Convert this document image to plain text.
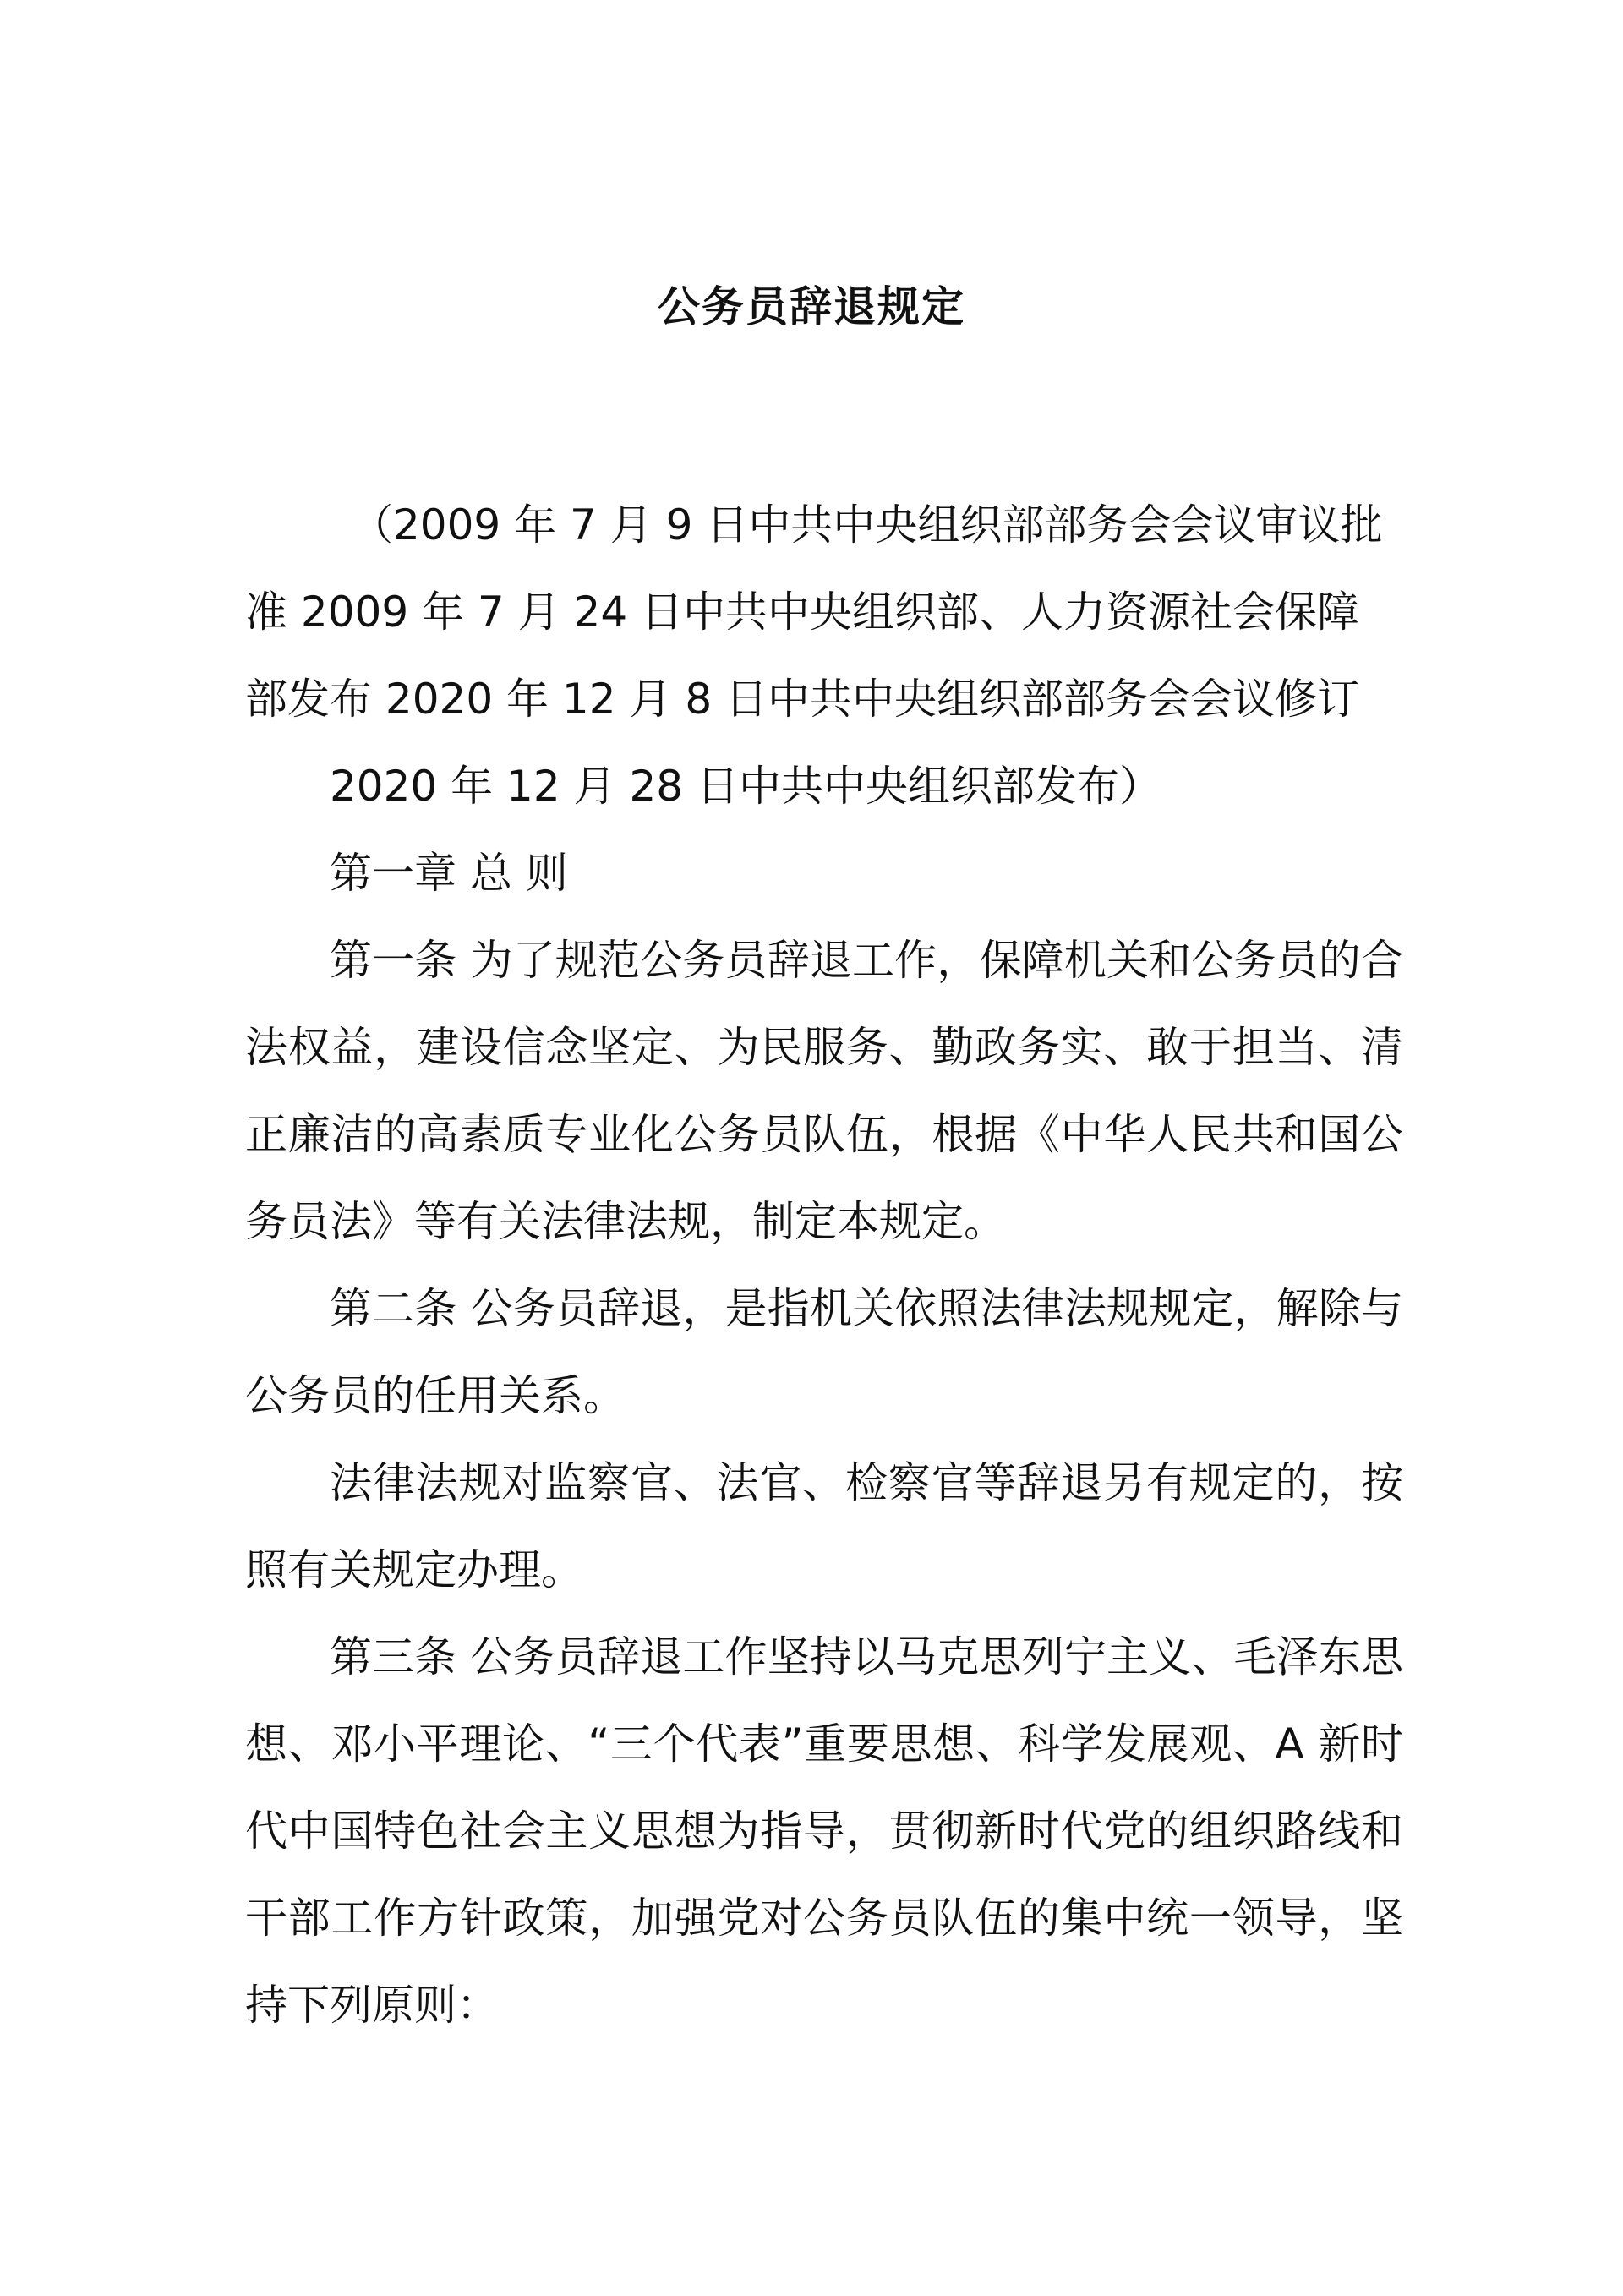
公务员辞退规定

（2009 年 7 月 9 日中共中央组织部部务会会议审议批

准 2009 年 7 月 24 日中共中央组织部、人力资源社会保障

部发布 2020 年 12 月 8 日中共中央组织部部务会会议修订

2020 年 12 月 28 日中共中央组织部发布）

第一章 总 则

第一条 为了规范公务员辞退工作，保障机关和公务员的合法权益，建设信念坚定、为民服务、勤政务实、敢于担当、清正廉洁的高素质专业化公务员队伍，根据《中华人民共和国公务员法》等有关法律法规，制定本规定。

第二条 公务员辞退，是指机关依照法律法规规定，解除与公务员的任用关系。

法律法规对监察官、法官、检察官等辞退另有规定的，按照有关规定办理。

第三条 公务员辞退工作坚持以马克思列宁主义、毛泽东思想、邓小平理论、“三个代表”重要思想、科学发展观、A 新时代中国特色社会主义思想为指导，贯彻新时代党的组织路线和干部工作方针政策，加强党对公务员队伍的集中统一领导，坚持下列原则：
